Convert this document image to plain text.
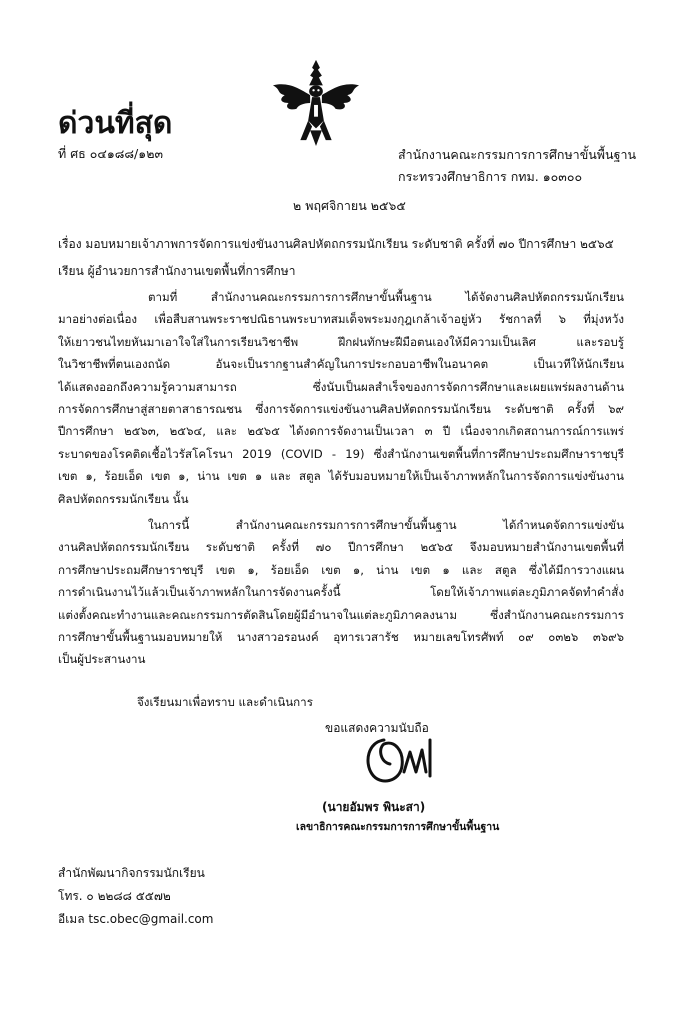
ด่วนที่สุด
ที่ ศธ ๐๔๑๘๘/๑๒๓	สำนักงานคณะกรรมการการศึกษาขั้นพื้นฐาน
กระทรวงศึกษาธิการ กทม. ๑๐๓๐๐
๒ พฤศจิกายน ๒๕๖๕
เรื่อง มอบหมายเจ้าภาพการจัดการแข่งขันงานศิลปหัตถกรรมนักเรียน ระดับชาติ ครั้งที่ ๗๐ ปีการศึกษา ๒๕๖๕
เรียน ผู้อำนวยการสำนักงานเขตพื้นที่การศึกษา
ตามที่ สำนักงานคณะกรรมการการศึกษาขั้นพื้นฐาน ได้จัดงานศิลปหัตถกรรมนักเรียน
มาอย่างต่อเนื่อง เพื่อสืบสานพระราชปณิธานพระบาทสมเด็จพระมงกุฎเกล้าเจ้าอยู่หัว รัชกาลที่ ๖ ที่มุ่งหวัง
ให้เยาวชนไทยหันมาเอาใจใส่ในการเรียนวิชาชีพ ฝึกฝนทักษะฝีมือตนเองให้มีความเป็นเลิศ และรอบรู้
ในวิชาชีพที่ตนเองถนัด อันจะเป็นรากฐานสำคัญในการประกอบอาชีพในอนาคต เป็นเวทีให้นักเรียน
ได้แสดงออกถึงความรู้ความสามารถ ซึ่งนับเป็นผลสำเร็จของการจัดการศึกษาและเผยแพร่ผลงานด้าน
การจัดการศึกษาสู่สายตาสาธารณชน ซึ่งการจัดการแข่งขันงานศิลปหัตถกรรมนักเรียน ระดับชาติ ครั้งที่ ๖๙
ปีการศึกษา ๒๕๖๓, ๒๕๖๔, และ ๒๕๖๕ ได้งดการจัดงานเป็นเวลา ๓ ปี เนื่องจากเกิดสถานการณ์การแพร่
ระบาดของโรคติดเชื้อไวรัสโคโรนา 2019 (COVID - 19) ซึ่งสำนักงานเขตพื้นที่การศึกษาประถมศึกษาราชบุรี
เขต ๑, ร้อยเอ็ด เขต ๑, น่าน เขต ๑ และ สตูล ได้รับมอบหมายให้เป็นเจ้าภาพหลักในการจัดการแข่งขันงาน
ศิลปหัตถกรรมนักเรียน นั้น
ในการนี้ สำนักงานคณะกรรมการการศึกษาขั้นพื้นฐาน ได้กำหนดจัดการแข่งขัน
งานศิลปหัตถกรรมนักเรียน ระดับชาติ ครั้งที่ ๗๐ ปีการศึกษา ๒๕๖๕ จึงมอบหมายสำนักงานเขตพื้นที่
การศึกษาประถมศึกษาราชบุรี เขต ๑, ร้อยเอ็ด เขต ๑, น่าน เขต ๑ และ สตูล ซึ่งได้มีการวางแผน
การดำเนินงานไว้แล้วเป็นเจ้าภาพหลักในการจัดงานครั้งนี้ โดยให้เจ้าภาพแต่ละภูมิภาคจัดทำคำสั่ง
แต่งตั้งคณะทำงานและคณะกรรมการตัดสินโดยผู้มีอำนาจในแต่ละภูมิภาคลงนาม ซึ่งสำนักงานคณะกรรมการ
การศึกษาขั้นพื้นฐานมอบหมายให้ นางสาวอรอนงค์ อุทารเวสารัช หมายเลขโทรศัพท์ ๐๙ ๐๓๒๖ ๓๖๙๖
เป็นผู้ประสานงาน
จึงเรียนมาเพื่อทราบ และดำเนินการ
ขอแสดงความนับถือ
(นายอัมพร พินะสา)
เลขาธิการคณะกรรมการการศึกษาขั้นพื้นฐาน
สำนักพัฒนากิจกรรมนักเรียน
โทร. ๐ ๒๒๘๘ ๕๕๗๒
อีเมล tsc.obec@gmail.com
